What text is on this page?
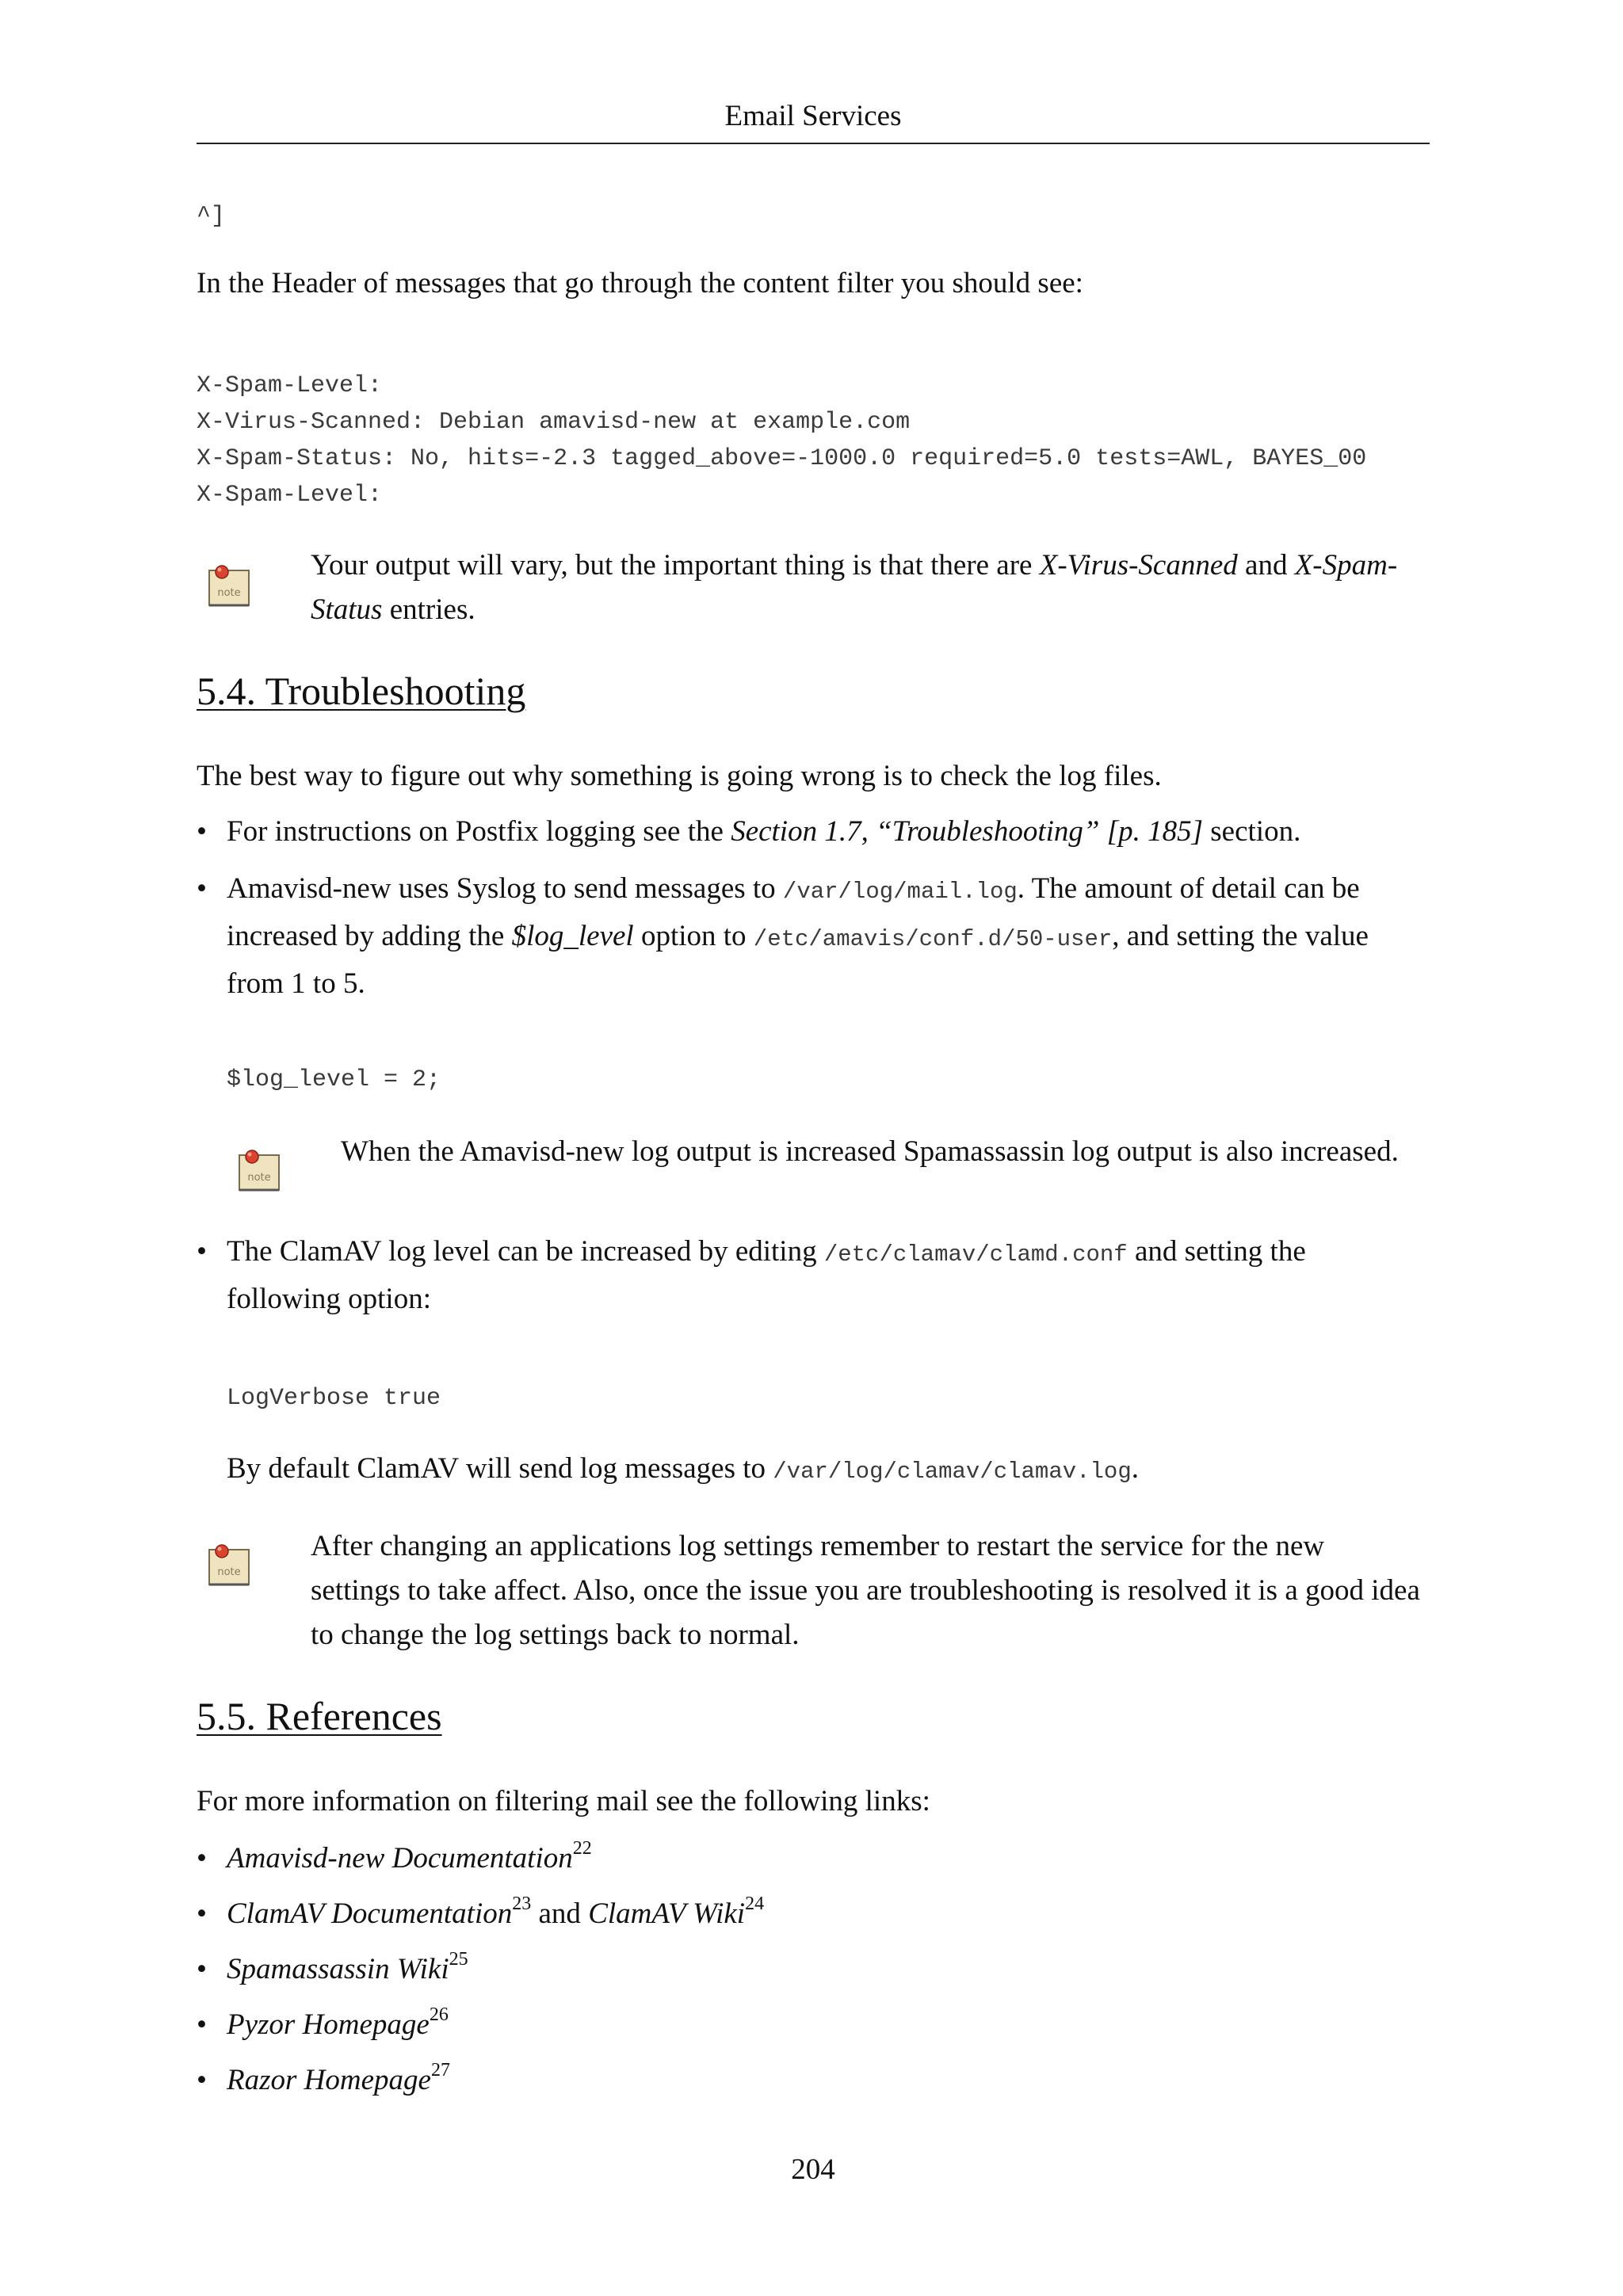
Email Services
^]
In the Header of messages that go through the content filter you should see:
X-Spam-Level:
X-Virus-Scanned: Debian amavisd-new at example.com
X-Spam-Status: No, hits=-2.3 tagged_above=-1000.0 required=5.0 tests=AWL, BAYES_00
X-Spam-Level:
note
Your output will vary, but the important thing is that there are X-Virus-Scanned and X-Spam-Status entries.
5.4. Troubleshooting
The best way to figure out why something is going wrong is to check the log files.
• For instructions on Postfix logging see the Section 1.7, “Troubleshooting” [p. 185] section.
• Amavisd-new uses Syslog to send messages to /var/log/mail.log. The amount of detail can be increased by adding the $log_level option to /etc/amavis/conf.d/50-user, and setting the value from 1 to 5.
$log_level = 2;
note
When the Amavisd-new log output is increased Spamassassin log output is also increased.
• The ClamAV log level can be increased by editing /etc/clamav/clamd.conf and setting the following option:
LogVerbose true
By default ClamAV will send log messages to /var/log/clamav/clamav.log.
note
After changing an applications log settings remember to restart the service for the new settings to take affect. Also, once the issue you are troubleshooting is resolved it is a good idea to change the log settings back to normal.
5.5. References
For more information on filtering mail see the following links:
• Amavisd-new Documentation$^{22}$
• ClamAV Documentation$^{23}$ and ClamAV Wiki$^{24}$
• Spamassassin Wiki$^{25}$
• Pyzor Homepage$^{26}$
• Razor Homepage$^{27}$
204
